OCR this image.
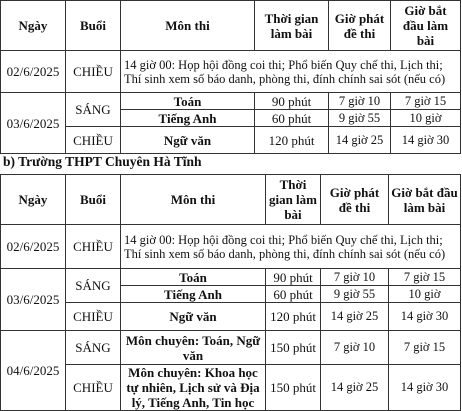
Ngày	Buổi	Môn thi	Thời gian làm bài	Giờ phát đề thi	Giờ bắt đầu làm bài
02/6/2025	CHIỀU	14 giờ 00: Họp hội đồng coi thi; Phổ biến Quy chế thi, Lịch thi; Thí sinh xem số báo danh, phòng thi, đính chính sai sót (nếu có)			
03/6/2025	SÁNG	Toán	90 phút	7 giờ 10	7 giờ 15
		Tiếng Anh	60 phút	9 giờ 55	10 giờ
	CHIỀU	Ngữ văn	120 phút	14 giờ 25	14 giờ 30

b) Trường THPT Chuyên Hà Tĩnh

Ngày	Buổi	Môn thi	Thời gian làm bài	Giờ phát đề thi	Giờ bắt đầu làm bài
02/6/2025	CHIỀU	14 giờ 00: Họp hội đồng coi thi; Phổ biến Quy chế thi, Lịch thi; Thí sinh xem số báo danh, phòng thi, đính chính sai sót (nếu có)			
03/6/2025	SÁNG	Toán	90 phút	7 giờ 10	7 giờ 15
		Tiếng Anh	60 phút	9 giờ 55	10 giờ
	CHIỀU	Ngữ văn	120 phút	14 giờ 25	14 giờ 30
04/6/2025	SÁNG	Môn chuyên: Toán, Ngữ văn	150 phút	7 giờ 10	7 giờ 15
	CHIỀU	Môn chuyên: Khoa học tự nhiên, Lịch sử và Địa lý, Tiếng Anh, Tin học	150 phút	14 giờ 25	14 giờ 30
